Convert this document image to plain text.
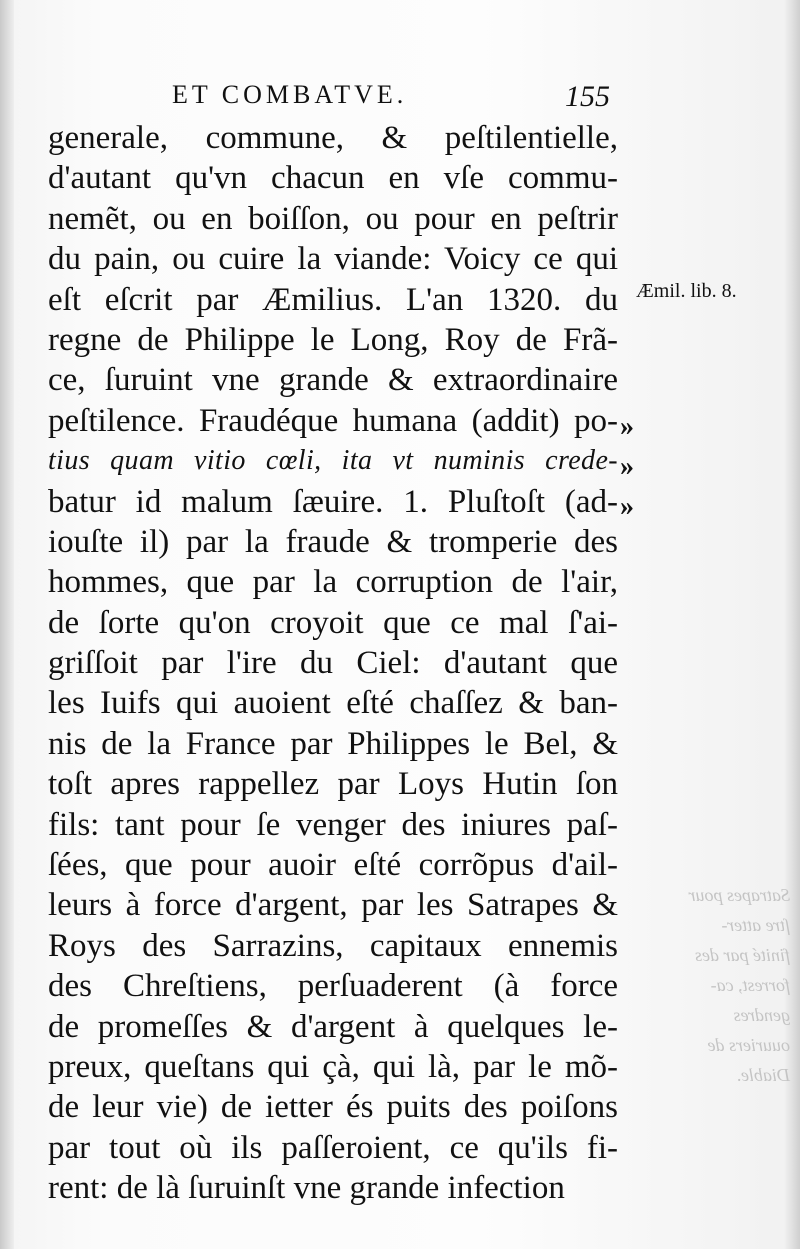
ET COMBATVE.	155
generale, commune, & peſtilentielle,
d'autant qu'vn chacun en vſe commu-
nemẽt, ou en boiſſon, ou pour en peſtrir
du pain, ou cuire la viande: Voicy ce qui
eſt eſcrit par Æmilius. L'an 1320. du
regne de Philippe le Long, Roy de Frã-
ce, ſuruint vne grande & extraordinaire
peſtilence. Fraudéque humana (addit) po-
tius quam vitio cœli, ita vt numinis crede-
batur id malum ſæuire. 1. Pluſtoſt (ad-
iouſte il) par la fraude & tromperie des
hommes, que par la corruption de l'air,
de ſorte qu'on croyoit que ce mal ſ'ai-
griſſoit par l'ire du Ciel: d'autant que
les Iuifs qui auoient eſté chaſſez & ban-
nis de la France par Philippes le Bel, &
toſt apres rappellez par Loys Hutin ſon
fils: tant pour ſe venger des iniures paſ-
ſées, que pour auoir eſté corrõpus d'ail-
leurs à force d'argent, par les Satrapes &
Roys des Sarrazins, capitaux ennemis
des Chreſtiens, perſuaderent (à force
de promeſſes & d'argent à quelques le-
preux, queſtans qui çà, qui là, par le mõ-
de leur vie) de ietter és puits des poiſons
par tout où ils paſſeroient, ce qu'ils fi-
rent: de là ſuruinſt vne grande infection
Æmil. lib. 8.
»
»
»
Satrapes pour
ſtre atter-
finité par des
forrest, ca-
gendres
ouuriers de
Diable.
